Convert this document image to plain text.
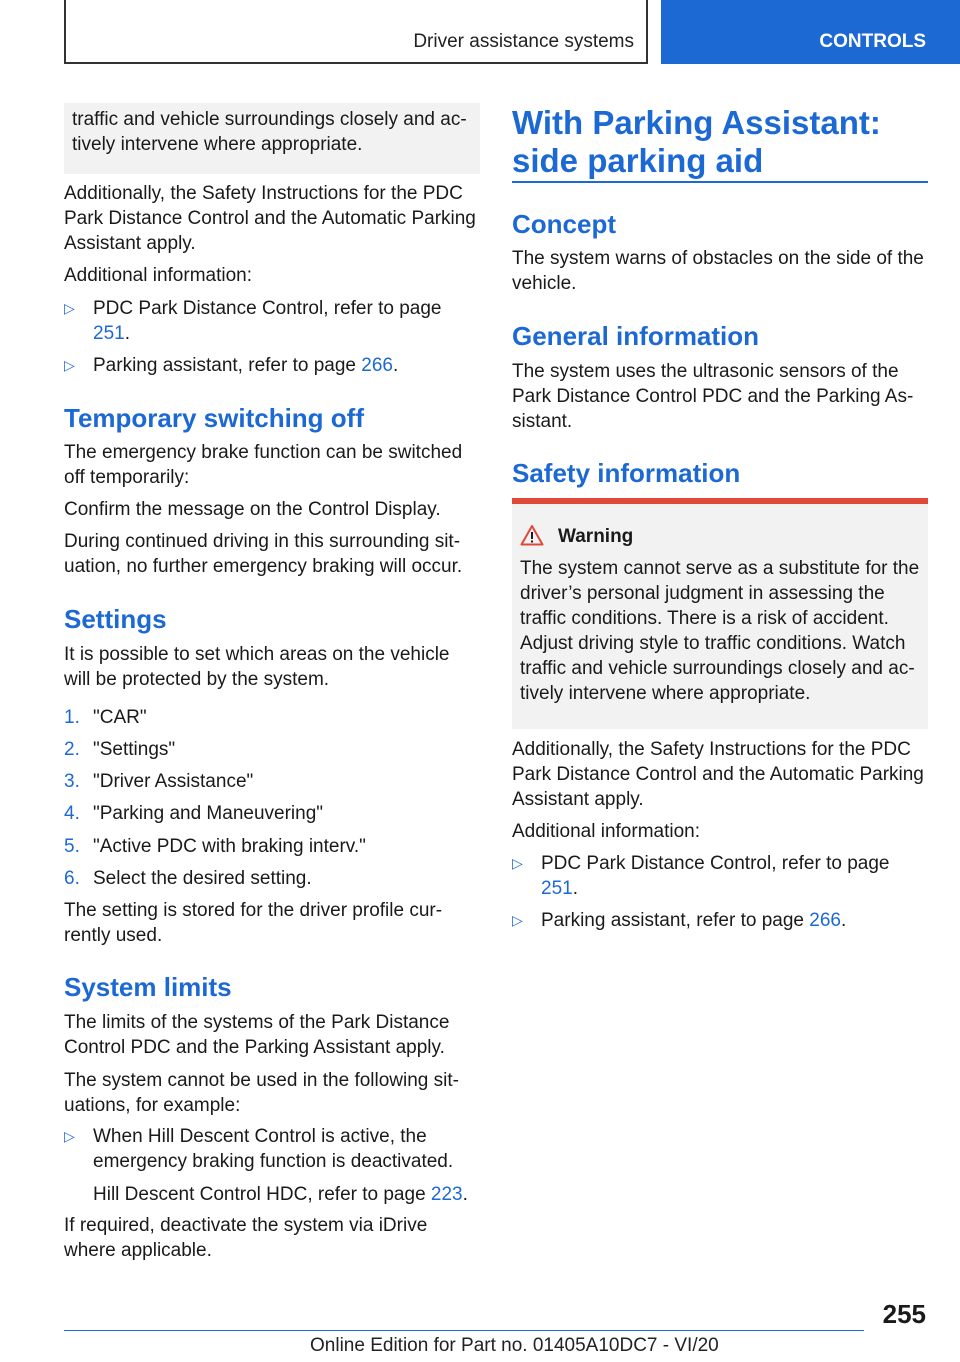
Driver assistance systems	CONTROLS
traffic and vehicle surroundings closely and ac-
tively intervene where appropriate.

Additionally, the Safety Instructions for the PDC Park Distance Control and the Automatic Parking Assistant apply.

Additional information:

▷ PDC Park Distance Control, refer to page 251.
▷ Parking assistant, refer to page 266.
Temporary switching off

The emergency brake function can be switched off temporarily:

Confirm the message on the Control Display.

During continued driving in this surrounding sit-uation, no further emergency braking will occur.

Settings

It is possible to set which areas on the vehicle will be protected by the system.

1. "CAR"
2. "Settings"
3. "Driver Assistance"
4. "Parking and Maneuvering"
5. "Active PDC with braking interv."
6. Select the desired setting.

The setting is stored for the driver profile cur-rently used.

System limits

The limits of the systems of the Park Distance Control PDC and the Parking Assistant apply.

The system cannot be used in the following sit-uations, for example:

▷ When Hill Descent Control is active, the emergency braking function is deactivated.
Hill Descent Control HDC, refer to page 223.

If required, deactivate the system via iDrive where applicable.

With Parking Assistant: side parking aid
Concept

The system warns of obstacles on the side of the vehicle.

General information

The system uses the ultrasonic sensors of the Park Distance Control PDC and the Parking As-sistant.

Safety information
Warning
The system cannot serve as a substitute for the driver’s personal judgment in assessing the traffic conditions. There is a risk of accident. Adjust driving style to traffic conditions. Watch traffic and vehicle surroundings closely and ac-tively intervene where appropriate.

Additionally, the Safety Instructions for the PDC Park Distance Control and the Automatic Parking Assistant apply.

Additional information:

▷ PDC Park Distance Control, refer to page 251.
▷ Parking assistant, refer to page 266.
255
Online Edition for Part no. 01405A10DC7 - VI/20
